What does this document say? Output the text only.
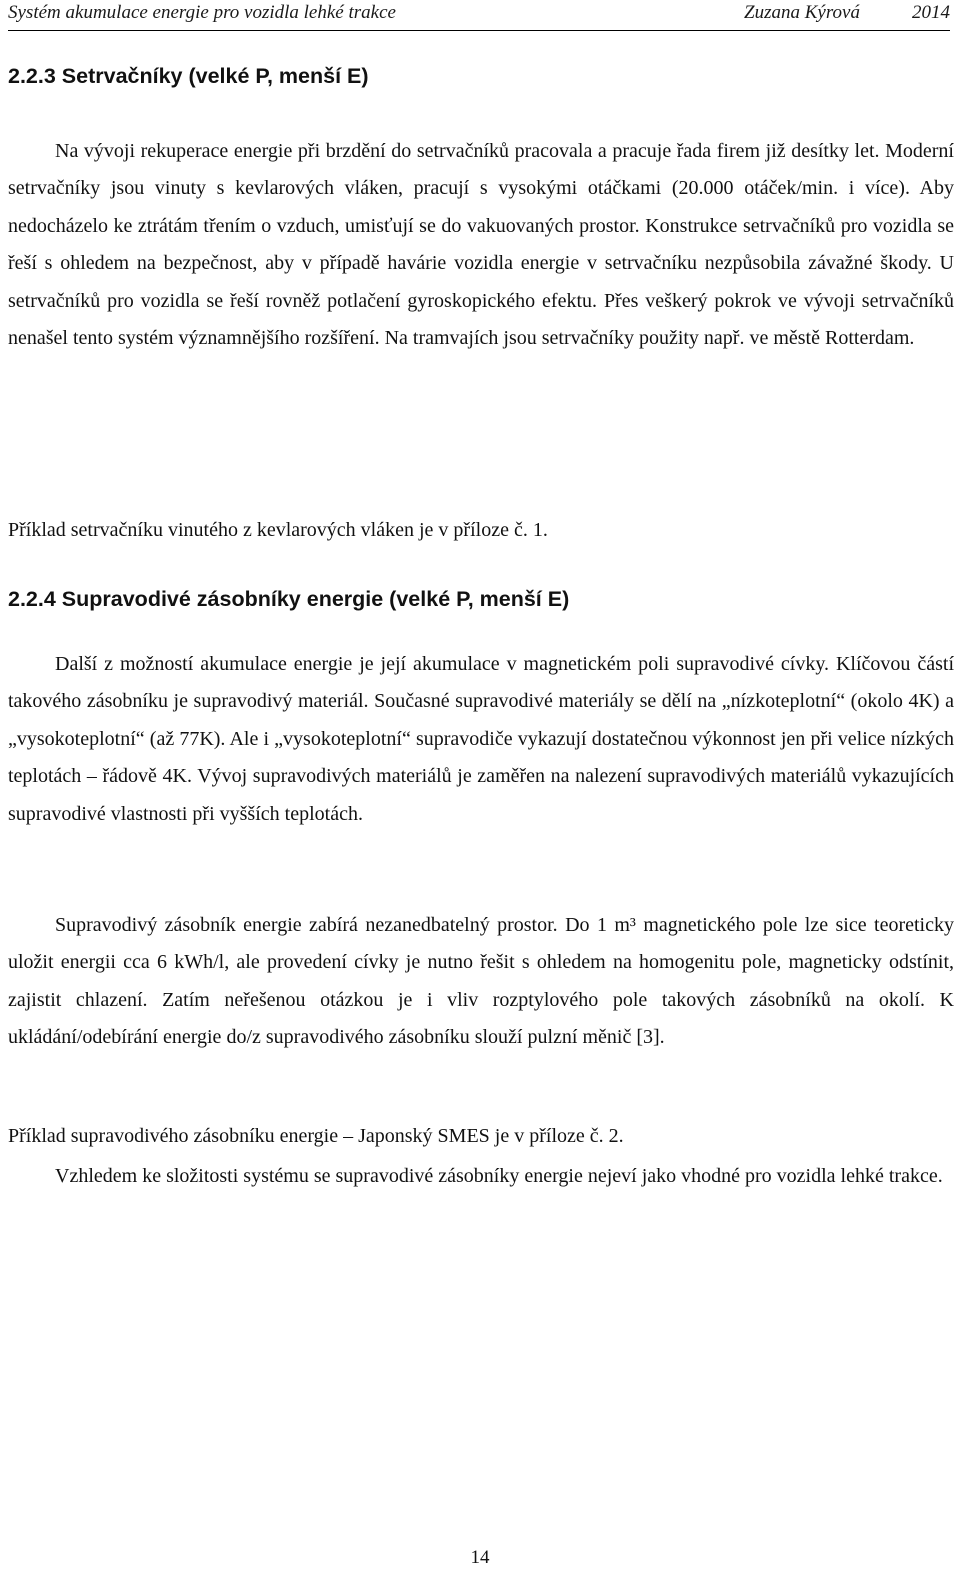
Systém akumulace energie pro vozidla lehké trakce	Zuzana Kýrová	2014
2.2.3 Setrvačníky (velké P, menší E)

Na vývoji rekuperace energie při brzdění do setrvačníků pracovala a pracuje řada firem již desítky let. Moderní setrvačníky jsou vinuty s kevlarových vláken, pracují s vysokými otáčkami (20.000 otáček/min. i více). Aby nedocházelo ke ztrátám třením o vzduch, umisťují se do vakuovaných prostor. Konstrukce setrvačníků pro vozidla se řeší s ohledem na bezpečnost, aby v případě havárie vozidla energie v setrvačníku nezpůsobila závažné škody. U setrvačníků pro vozidla se řeší rovněž potlačení gyroskopického efektu. Přes veškerý pokrok ve vývoji setrvačníků nenašel tento systém významnějšího rozšíření. Na tramvajích jsou setrvačníky použity např. ve městě Rotterdam.

Příklad setrvačníku vinutého z kevlarových vláken je v příloze č. 1.

2.2.4 Supravodivé zásobníky energie (velké P, menší E)

Další z možností akumulace energie je její akumulace v magnetickém poli supravodivé cívky. Klíčovou částí takového zásobníku je supravodivý materiál. Současné supravodivé materiály se dělí na „nízkoteplotní“ (okolo 4K) a „vysokoteplotní“ (až 77K). Ale i „vysokoteplotní“ supravodiče vykazují dostatečnou výkonnost jen při velice nízkých teplotách – řádově 4K. Vývoj supravodivých materiálů je zaměřen na nalezení supravodivých materiálů vykazujících supravodivé vlastnosti při vyšších teplotách.

Supravodivý zásobník energie zabírá nezanedbatelný prostor. Do 1 m³ magnetického pole lze sice teoreticky uložit energii cca 6 kWh/l, ale provedení cívky je nutno řešit s ohledem na homogenitu pole, magneticky odstínit, zajistit chlazení. Zatím neřešenou otázkou je i vliv rozptylového pole takových zásobníků na okolí. K ukládání/odebírání energie do/z supravodivého zásobníku slouží pulzní měnič [3].

Příklad supravodivého zásobníku energie – Japonský SMES je v příloze č. 2.

Vzhledem ke složitosti systému se supravodivé zásobníky energie nejeví jako vhodné pro vozidla lehké trakce.

14
